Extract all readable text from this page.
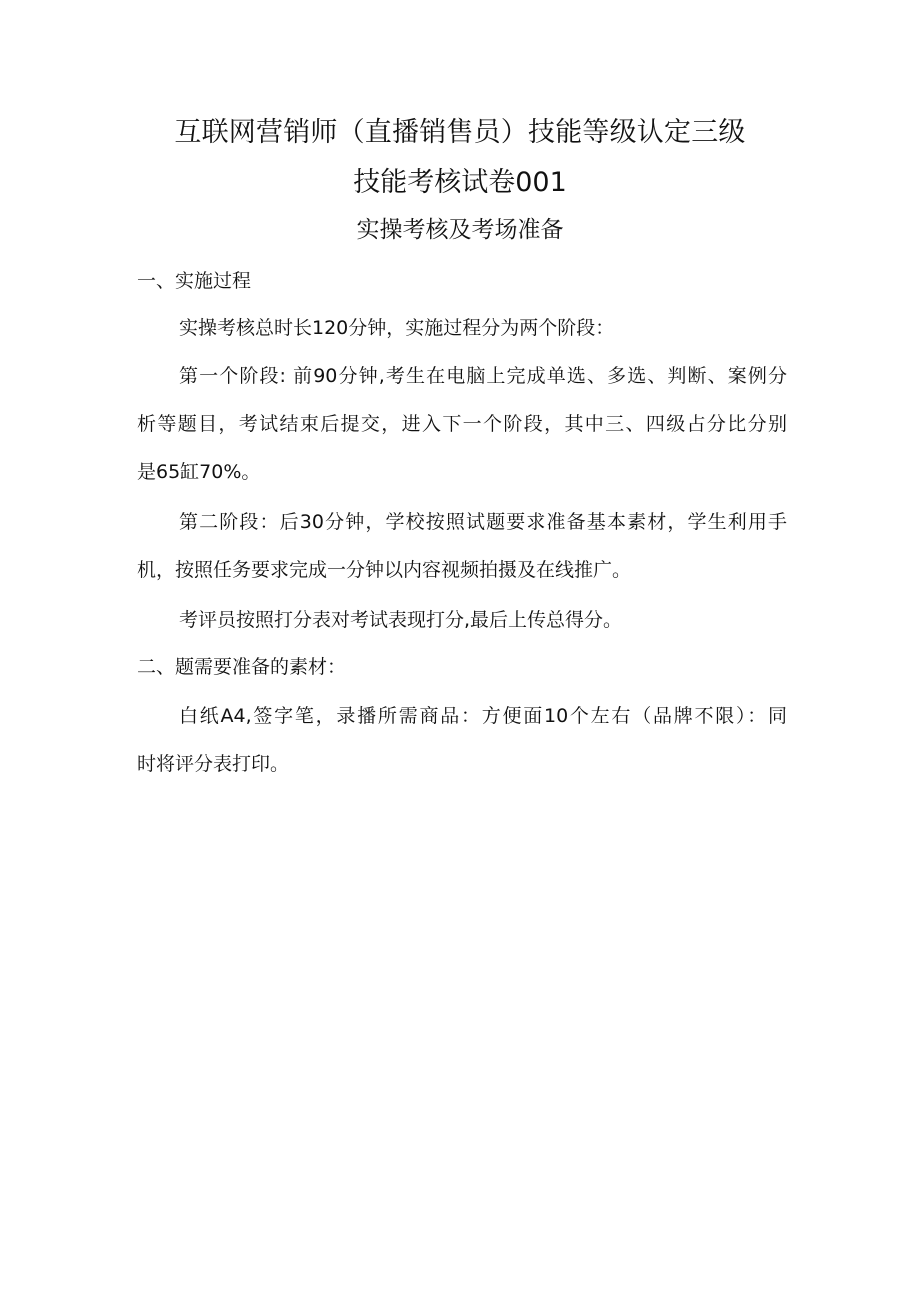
互联网营销师（直播销售员）技能等级认定三级
技能考核试卷001
实操考核及考场准备
一、实施过程
实操考核总时长120分钟，实施过程分为两个阶段：
第一个阶段: 前90分钟,考生在电脑上完成单选、多选、判断、案例分
析等题目，考试结束后提交，进入下一个阶段，其中三、四级占分比分别
是65缸70%。
第二阶段：后30分钟，学校按照试题要求准备基本素材，学生利用手
机，按照任务要求完成一分钟以内容视频拍摄及在线推广。
考评员按照打分表对考试表现打分,最后上传总得分。
二、题需要准备的素材：
白纸A4,签字笔，录播所需商品：方便面10个左右（品牌不限）：同
时将评分表打印。
